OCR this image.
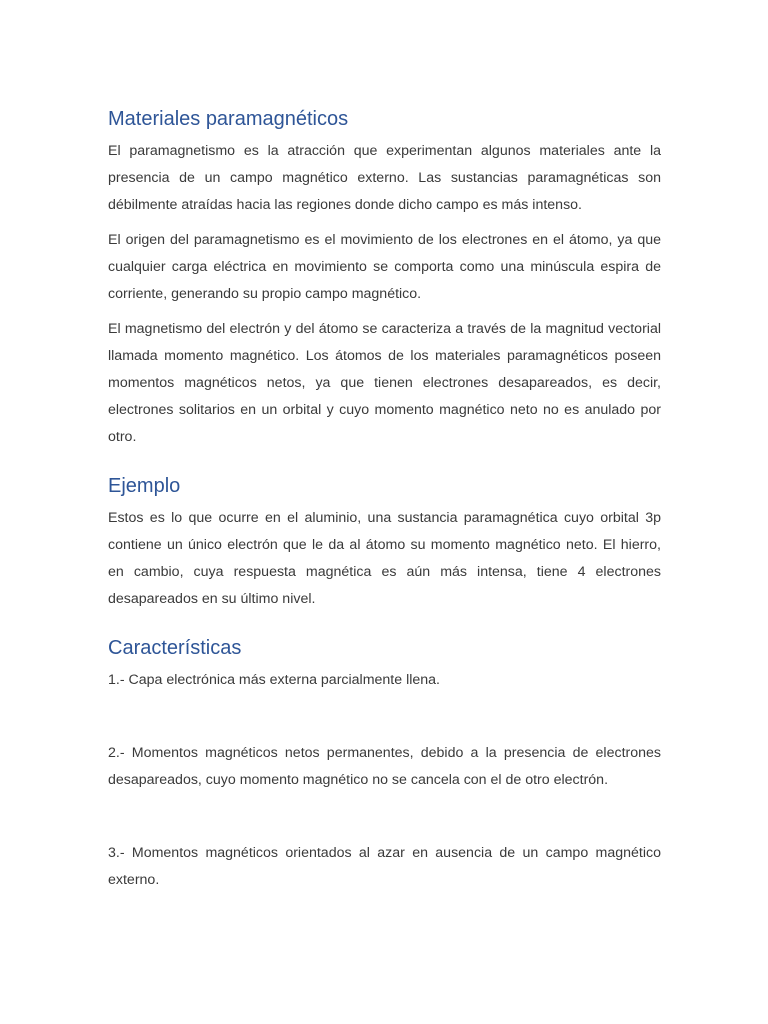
Materiales paramagnéticos

El paramagnetismo es la atracción que experimentan algunos materiales ante la presencia de un campo magnético externo. Las sustancias paramagnéticas son débilmente atraídas hacia las regiones donde dicho campo es más intenso.

El origen del paramagnetismo es el movimiento de los electrones en el átomo, ya que cualquier carga eléctrica en movimiento se comporta como una minúscula espira de corriente, generando su propio campo magnético.

El magnetismo del electrón y del átomo se caracteriza a través de la magnitud vectorial llamada momento magnético. Los átomos de los materiales paramagnéticos poseen momentos magnéticos netos, ya que tienen electrones desapareados, es decir, electrones solitarios en un orbital y cuyo momento magnético neto no es anulado por otro.

Ejemplo

Estos es lo que ocurre en el aluminio, una sustancia paramagnética cuyo orbital 3p contiene un único electrón que le da al átomo su momento magnético neto. El hierro, en cambio, cuya respuesta magnética es aún más intensa, tiene 4 electrones desapareados en su último nivel.

Características

1.- Capa electrónica más externa parcialmente llena.

2.- Momentos magnéticos netos permanentes, debido a la presencia de electrones desapareados, cuyo momento magnético no se cancela con el de otro electrón.

3.- Momentos magnéticos orientados al azar en ausencia de un campo magnético externo.
